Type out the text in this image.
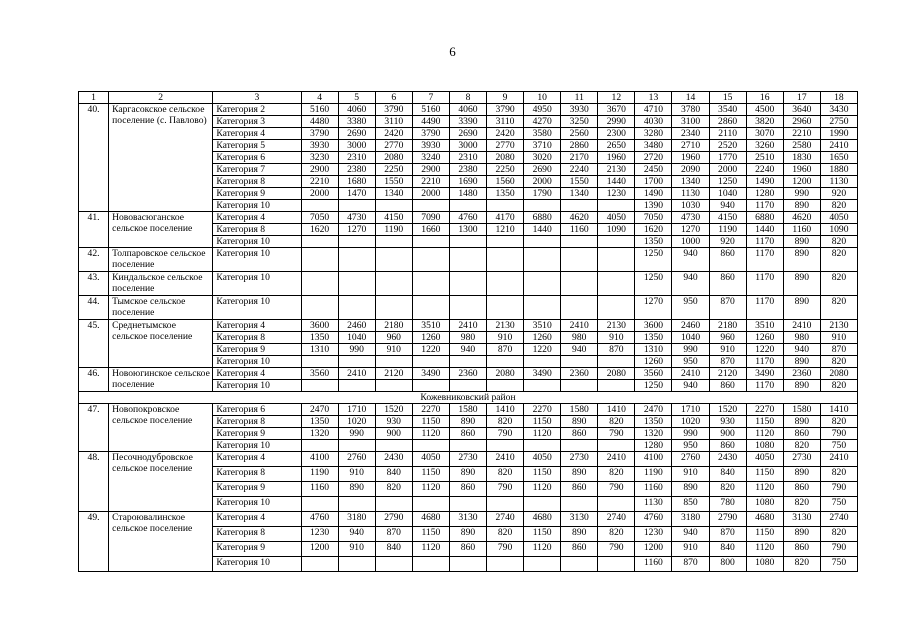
6
1	2	3	4	5	6	7	8	9	10	11	12	13	14	15	16	17	18
40.	Каргасокское сельское поселение (с. Павлово)	Категория 2	5160	4060	3790	5160	4060	3790	4950	3930	3670	4710	3780	3540	4500	3640	3430
		Категория 3	4480	3380	3110	4490	3390	3110	4270	3250	2990	4030	3100	2860	3820	2960	2750
		Категория 4	3790	2690	2420	3790	2690	2420	3580	2560	2300	3280	2340	2110	3070	2210	1990
		Категория 5	3930	3000	2770	3930	3000	2770	3710	2860	2650	3480	2710	2520	3260	2580	2410
		Категория 6	3230	2310	2080	3240	2310	2080	3020	2170	1960	2720	1960	1770	2510	1830	1650
		Категория 7	2900	2380	2250	2900	2380	2250	2690	2240	2130	2450	2090	2000	2240	1960	1880
		Категория 8	2210	1680	1550	2210	1690	1560	2000	1550	1440	1700	1340	1250	1490	1200	1130
		Категория 9	2000	1470	1340	2000	1480	1350	1790	1340	1230	1490	1130	1040	1280	990	920
		Категория 10										1390	1030	940	1170	890	820
41.	Нововасюганское сельское поселение	Категория 4	7050	4730	4150	7090	4760	4170	6880	4620	4050	7050	4730	4150	6880	4620	4050
		Категория 8	1620	1270	1190	1660	1300	1210	1440	1160	1090	1620	1270	1190	1440	1160	1090
		Категория 10										1350	1000	920	1170	890	820
42.	Толпаровское сельское поселение	Категория 10										1250	940	860	1170	890	820
43.	Киндальское сельское поселение	Категория 10										1250	940	860	1170	890	820
44.	Тымское сельское поселение	Категория 10										1270	950	870	1170	890	820
45.	Среднетымское сельское поселение	Категория 4	3600	2460	2180	3510	2410	2130	3510	2410	2130	3600	2460	2180	3510	2410	2130
		Категория 8	1350	1040	960	1260	980	910	1260	980	910	1350	1040	960	1260	980	910
		Категория 9	1310	990	910	1220	940	870	1220	940	870	1310	990	910	1220	940	870
		Категория 10										1260	950	870	1170	890	820
46.	Новоюгинское сельское поселение	Категория 4	3560	2410	2120	3490	2360	2080	3490	2360	2080	3560	2410	2120	3490	2360	2080
		Категория 10										1250	940	860	1170	890	820
Кожевниковский район																	
47.	Новопокровское сельское поселение	Категория 6	2470	1710	1520	2270	1580	1410	2270	1580	1410	2470	1710	1520	2270	1580	1410
		Категория 8	1350	1020	930	1150	890	820	1150	890	820	1350	1020	930	1150	890	820
		Категория 9	1320	990	900	1120	860	790	1120	860	790	1320	990	900	1120	860	790
		Категория 10										1280	950	860	1080	820	750
48.	Песочнодубровское сельское поселение	Категория 4	4100	2760	2430	4050	2730	2410	4050	2730	2410	4100	2760	2430	4050	2730	2410
		Категория 8	1190	910	840	1150	890	820	1150	890	820	1190	910	840	1150	890	820
		Категория 9	1160	890	820	1120	860	790	1120	860	790	1160	890	820	1120	860	790
		Категория 10										1130	850	780	1080	820	750
49.	Староювалинское сельское поселение	Категория 4	4760	3180	2790	4680	3130	2740	4680	3130	2740	4760	3180	2790	4680	3130	2740
		Категория 8	1230	940	870	1150	890	820	1150	890	820	1230	940	870	1150	890	820
		Категория 9	1200	910	840	1120	860	790	1120	860	790	1200	910	840	1120	860	790
		Категория 10										1160	870	800	1080	820	750
